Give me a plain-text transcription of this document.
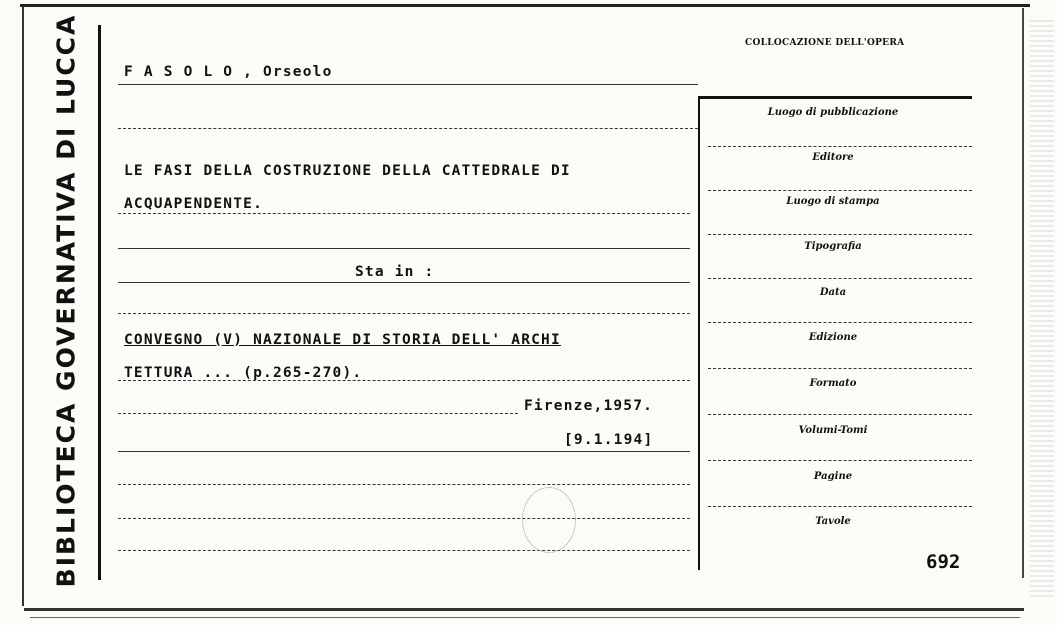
BIBLIOTECA GOVERNATIVA DI LUCCA	COLLOCAZIONE DELL'OPERA
F A S O L O , Orseolo
LE FASI DELLA COSTRUZIONE DELLA CATTEDRALE DI
ACQUAPENDENTE.
Sta in :
CONVEGNO (V) NAZIONALE DI STORIA DELL' ARCHI
TETTURA ... (p.265-270).
Firenze,1957.
[9.1.194]
Luogo di pubblicazione
Editore
Luogo di stampa
Tipografia
Data
Edizione
Formato
Volumi-Tomi
Pagine
Tavole
692
